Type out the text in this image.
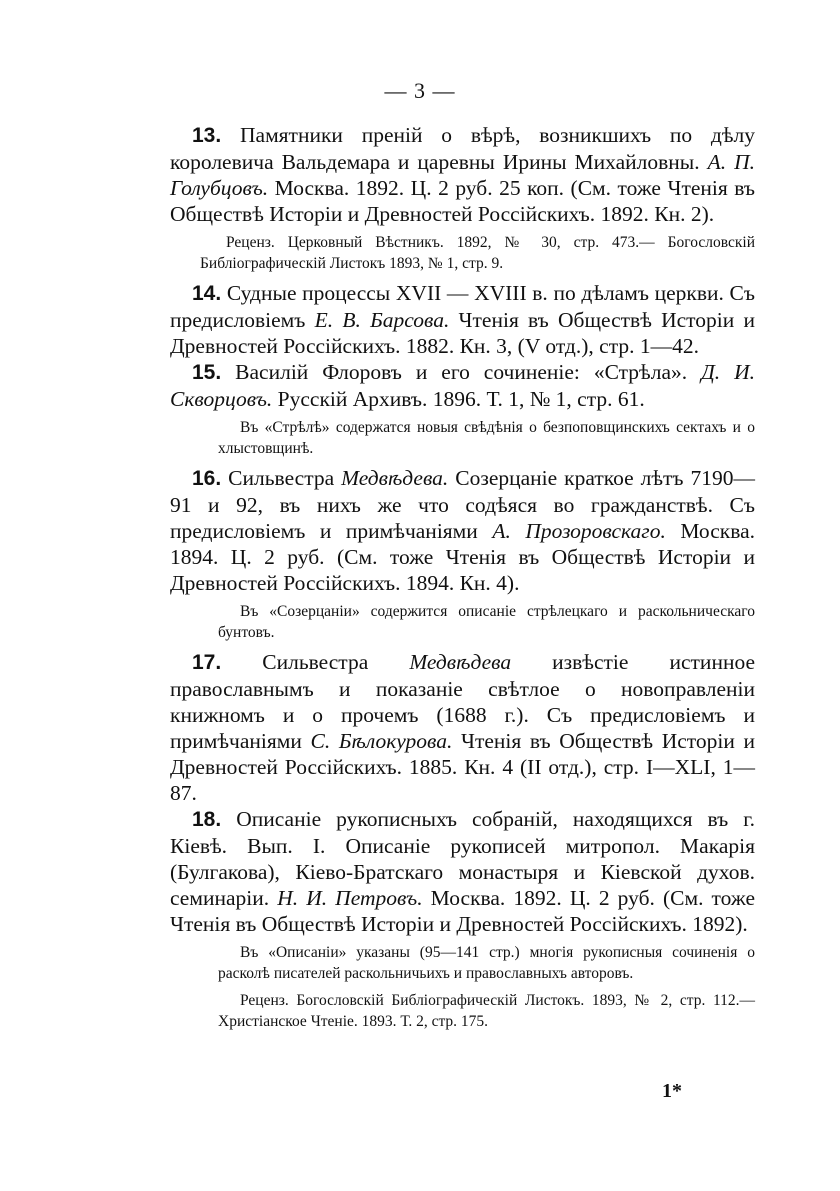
— 3 —

13. Памятники преній о вѣрѣ, возникшихъ по дѣлу королевича Вальдемара и царевны Ирины Михайловны. А. П. Голубцовъ. Москва. 1892. Ц. 2 руб. 25 коп. (См. тоже Чтенія въ Обществѣ Исторіи и Древностей Россійскихъ. 1892. Кн. 2).

Реценз. Церковный Вѣстникъ. 1892, № 30, стр. 473.— Богословскій Библіографическій Листокъ 1893, № 1, стр. 9.

14. Судные процессы XVII — XVIII в. по дѣламъ церкви. Съ предисловіемъ Е. В. Барсова. Чтенія въ Обществѣ Исторіи и Древностей Россійскихъ. 1882. Кн. 3, (V отд.), стр. 1—42.

15. Василій Флоровъ и его сочиненіе: «Стрѣла». Д. И. Скворцовъ. Русскій Архивъ. 1896. Т. 1, № 1, стр. 61.

Въ «Стрѣлѣ» содержатся новыя свѣдѣнія о безпоповщинскихъ сектахъ и о хлыстовщинѣ.

16. Сильвестра Медвѣдева. Созерцаніе краткое лѣтъ 7190—91 и 92, въ нихъ же что содѣяся во гражданствѣ. Съ предисловіемъ и примѣчаніями А. Прозоровскаго. Москва. 1894. Ц. 2 руб. (См. тоже Чтенія въ Обществѣ Исторіи и Древностей Россійскихъ. 1894. Кн. 4).

Въ «Созерцаніи» содержится описаніе стрѣлецкаго и раскольническаго бунтовъ.

17. Сильвестра Медвѣдева извѣстіе истинное православнымъ и показаніе свѣтлое о новоправленіи книжномъ и о прочемъ (1688 г.). Съ предисловіемъ и примѣчаніями С. Бѣлокурова. Чтенія въ Обществѣ Исторіи и Древностей Россійскихъ. 1885. Кн. 4 (II отд.), стр. I—XLI, 1—87.

18. Описаніе рукописныхъ собраній, находящихся въ г. Кіевѣ. Вып. I. Описаніе рукописей митропол. Макарія (Булгакова), Кіево-Братскаго монастыря и Кіевской духов. семинаріи. Н. И. Петровъ. Москва. 1892. Ц. 2 руб. (См. тоже Чтенія въ Обществѣ Исторіи и Древностей Россійскихъ. 1892).

Въ «Описаніи» указаны (95—141 стр.) многія рукописныя сочиненія о расколѣ писателей раскольничьихъ и православныхъ авторовъ.

Реценз. Богословскій Библіографическій Листокъ. 1893, № 2, стр. 112.—Христіанское Чтеніе. 1893. Т. 2, стр. 175.

1*
